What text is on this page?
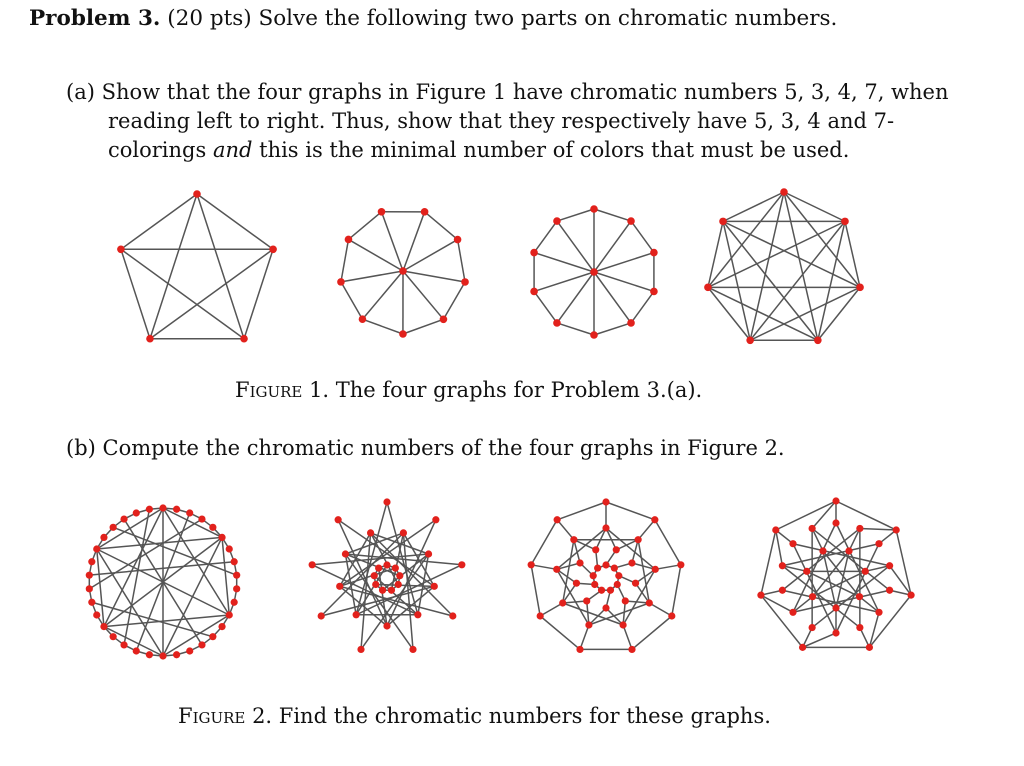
Problem 3. (20 pts) Solve the following two parts on chromatic numbers.
(a) Show that the four graphs in Figure 1 have chromatic numbers 5, 3, 4, 7, when
reading left to right. Thus, show that they respectively have 5, 3, 4 and 7-
colorings and this is the minimal number of colors that must be used.
Figure 1. The four graphs for Problem 3.(a).
(b) Compute the chromatic numbers of the four graphs in Figure 2.
Figure 2. Find the chromatic numbers for these graphs.
